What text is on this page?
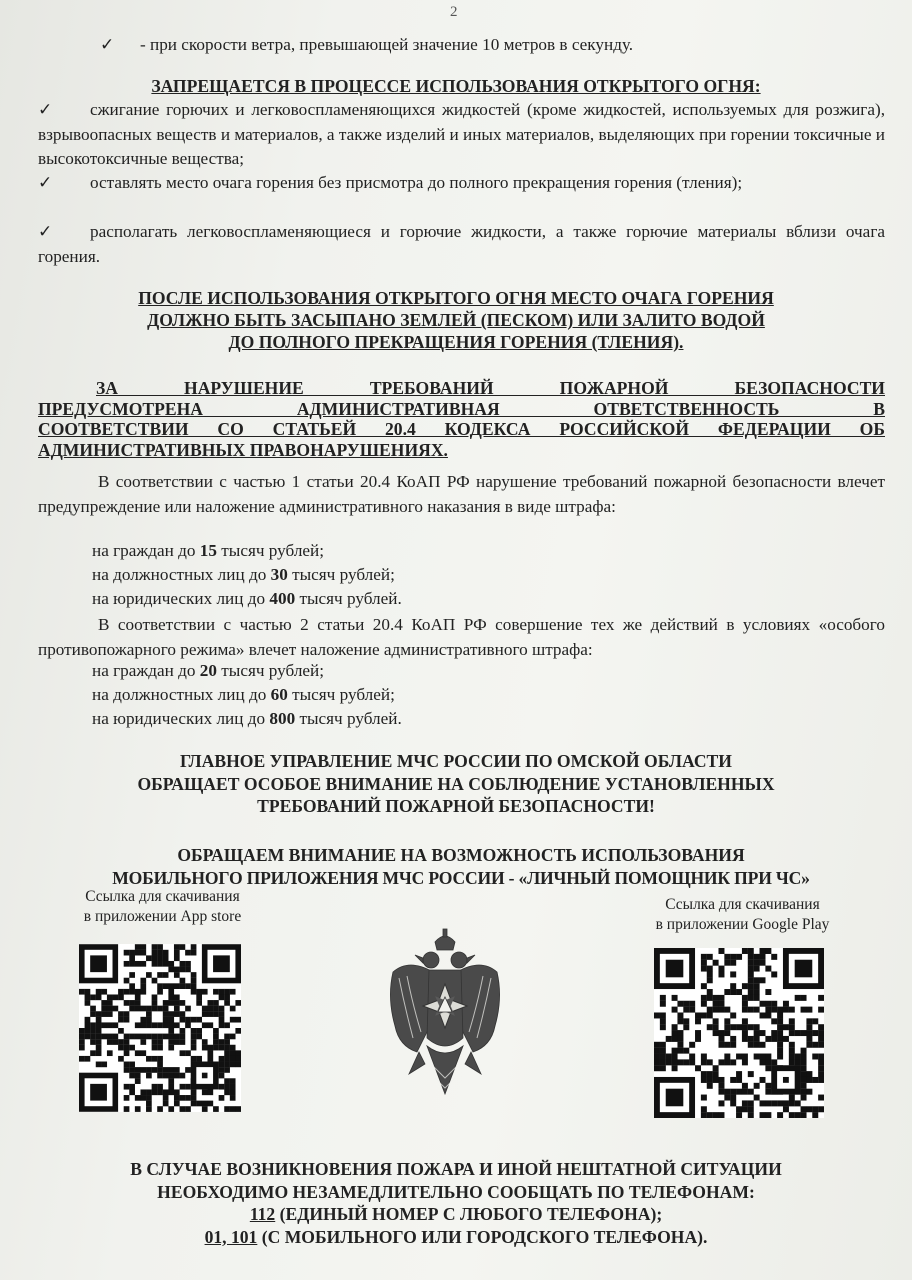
2
✓ - при скорости ветра, превышающей значение 10 метров в секунду.
ЗАПРЕЩАЕТСЯ В ПРОЦЕССЕ ИСПОЛЬЗОВАНИЯ ОТКРЫТОГО ОГНЯ:
✓ сжигание горючих и легковоспламеняющихся жидкостей (кроме жидкостей, используемых для розжига), взрывоопасных веществ и материалов, а также изделий и иных материалов, выделяющих при горении токсичные и высокотоксичные вещества;
✓ оставлять место очага горения без присмотра до полного прекращения горения (тления);
✓ располагать легковоспламеняющиеся и горючие жидкости, а также горючие материалы вблизи очага горения.
ПОСЛЕ ИСПОЛЬЗОВАНИЯ ОТКРЫТОГО ОГНЯ МЕСТО ОЧАГА ГОРЕНИЯ
ДОЛЖНО БЫТЬ ЗАСЫПАНО ЗЕМЛЕЙ (ПЕСКОМ) ИЛИ ЗАЛИТО ВОДОЙ
ДО ПОЛНОГО ПРЕКРАЩЕНИЯ ГОРЕНИЯ (ТЛЕНИЯ).
ЗА НАРУШЕНИЕ ТРЕБОВАНИЙ ПОЖАРНОЙ БЕЗОПАСНОСТИ
ПРЕДУСМОТРЕНА АДМИНИСТРАТИВНАЯ ОТВЕТСТВЕННОСТЬ В
СООТВЕТСТВИИ СО СТАТЬЕЙ 20.4 КОДЕКСА РОССИЙСКОЙ ФЕДЕРАЦИИ ОБ
АДМИНИСТРАТИВНЫХ ПРАВОНАРУШЕНИЯХ.
В соответствии с частью 1 статьи 20.4 КоАП РФ нарушение требований пожарной безопасности влечет предупреждение или наложение административного наказания в виде штрафа:
на граждан до 15 тысяч рублей;
на должностных лиц до 30 тысяч рублей;
на юридических лиц до 400 тысяч рублей.
В соответствии с частью 2 статьи 20.4 КоАП РФ совершение тех же действий в условиях «особого противопожарного режима» влечет наложение административного штрафа:
на граждан до 20 тысяч рублей;
на должностных лиц до 60 тысяч рублей;
на юридических лиц до 800 тысяч рублей.
ГЛАВНОЕ УПРАВЛЕНИЕ МЧС РОССИИ ПО ОМСКОЙ ОБЛАСТИ
ОБРАЩАЕТ ОСОБОЕ ВНИМАНИЕ НА СОБЛЮДЕНИЕ УСТАНОВЛЕННЫХ
ТРЕБОВАНИЙ ПОЖАРНОЙ БЕЗОПАСНОСТИ!
ОБРАЩАЕМ ВНИМАНИЕ НА ВОЗМОЖНОСТЬ ИСПОЛЬЗОВАНИЯ
МОБИЛЬНОГО ПРИЛОЖЕНИЯ МЧС РОССИИ - «ЛИЧНЫЙ ПОМОЩНИК ПРИ ЧС»
Ссылка для скачивания
в приложении App store
Ссылка для скачивания
в приложении Google Play
В СЛУЧАЕ ВОЗНИКНОВЕНИЯ ПОЖАРА И ИНОЙ НЕШТАТНОЙ СИТУАЦИИ
НЕОБХОДИМО НЕЗАМЕДЛИТЕЛЬНО СООБЩАТЬ ПО ТЕЛЕФОНАМ:
112 (ЕДИНЫЙ НОМЕР С ЛЮБОГО ТЕЛЕФОНА);
01, 101 (С МОБИЛЬНОГО ИЛИ ГОРОДСКОГО ТЕЛЕФОНА).
